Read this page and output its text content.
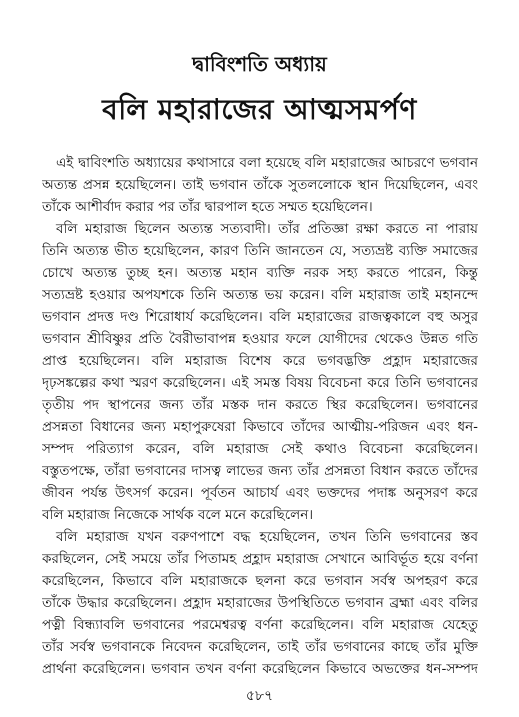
দ্বাবিংশতি অধ্যায়
বলি মহারাজের আত্মসমর্পণ

এই দ্বাবিংশতি অধ্যায়ের কথাসারে বলা হয়েছে বলি মহারাজের আচরণে ভগবান

অত্যন্ত প্রসন্ন হয়েছিলেন। তাই ভগবান তাঁকে সুতললোকে স্থান দিয়েছিলেন, এবং

তাঁকে আশীর্বাদ করার পর তাঁর দ্বারপাল হতে সম্মত হয়েছিলেন।

বলি মহারাজ ছিলেন অত্যন্ত সত্যবাদী। তাঁর প্রতিজ্ঞা রক্ষা করতে না পারায়

তিনি অত্যন্ত ভীত হয়েছিলেন, কারণ তিনি জানতেন যে, সত্যভ্রষ্ট ব্যক্তি সমাজের

চোখে অত্যন্ত তুচ্ছ হন। অত্যন্ত মহান ব্যক্তি নরক সহ্য করতে পারেন, কিন্তু

সত্যভ্রষ্ট হওয়ার অপযশকে তিনি অত্যন্ত ভয় করেন। বলি মহারাজ তাই মহানন্দে

ভগবান প্রদত্ত দণ্ড শিরোধার্য করেছিলেন। বলি মহারাজের রাজত্বকালে বহু অসুর

ভগবান শ্রীবিষ্ণুর প্রতি বৈরীভাবাপন্ন হওয়ার ফলে যোগীদের থেকেও উন্নত গতি

প্রাপ্ত হয়েছিলেন। বলি মহারাজ বিশেষ করে ভগবদ্ভক্তি প্রহ্লাদ মহারাজের

দৃঢ়সঙ্কল্পের কথা স্মরণ করেছিলেন। এই সমস্ত বিষয় বিবেচনা করে তিনি ভগবানের

তৃতীয় পদ স্থাপনের জন্য তাঁর মস্তক দান করতে স্থির করেছিলেন। ভগবানের

প্রসন্নতা বিধানের জন্য মহাপুরুষেরা কিভাবে তাঁদের আত্মীয়-পরিজন এবং ধন-

সম্পদ পরিত্যাগ করেন, বলি মহারাজ সেই কথাও বিবেচনা করেছিলেন।

বস্তুতপক্ষে, তাঁরা ভগবানের দাসত্ব লাভের জন্য তাঁর প্রসন্নতা বিধান করতে তাঁদের

জীবন পর্যন্ত উৎসর্গ করেন। পূর্বতন আচার্য এবং ভক্তদের পদাঙ্ক অনুসরণ করে

বলি মহারাজ নিজেকে সার্থক বলে মনে করেছিলেন।

বলি মহারাজ যখন বরুণপাশে বদ্ধ হয়েছিলেন, তখন তিনি ভগবানের স্তব

করছিলেন, সেই সময়ে তাঁর পিতামহ প্রহ্লাদ মহারাজ সেখানে আবির্ভূত হয়ে বর্ণনা

করেছিলেন, কিভাবে বলি মহারাজকে ছলনা করে ভগবান সর্বস্ব অপহরণ করে

তাঁকে উদ্ধার করেছিলেন। প্রহ্লাদ মহারাজের উপস্থিতিতে ভগবান ব্রহ্মা এবং বলির

পত্নী বিন্ধ্যাবলি ভগবানের পরমেশ্বরত্ব বর্ণনা করেছিলেন। বলি মহারাজ যেহেতু

তাঁর সর্বস্ব ভগবানকে নিবেদন করেছিলেন, তাই তাঁর ভগবানের কাছে তাঁর মুক্তি

প্রার্থনা করেছিলেন। ভগবান তখন বর্ণনা করেছিলেন কিভাবে অভক্তের ধন-সম্পদ

৫৮৭
